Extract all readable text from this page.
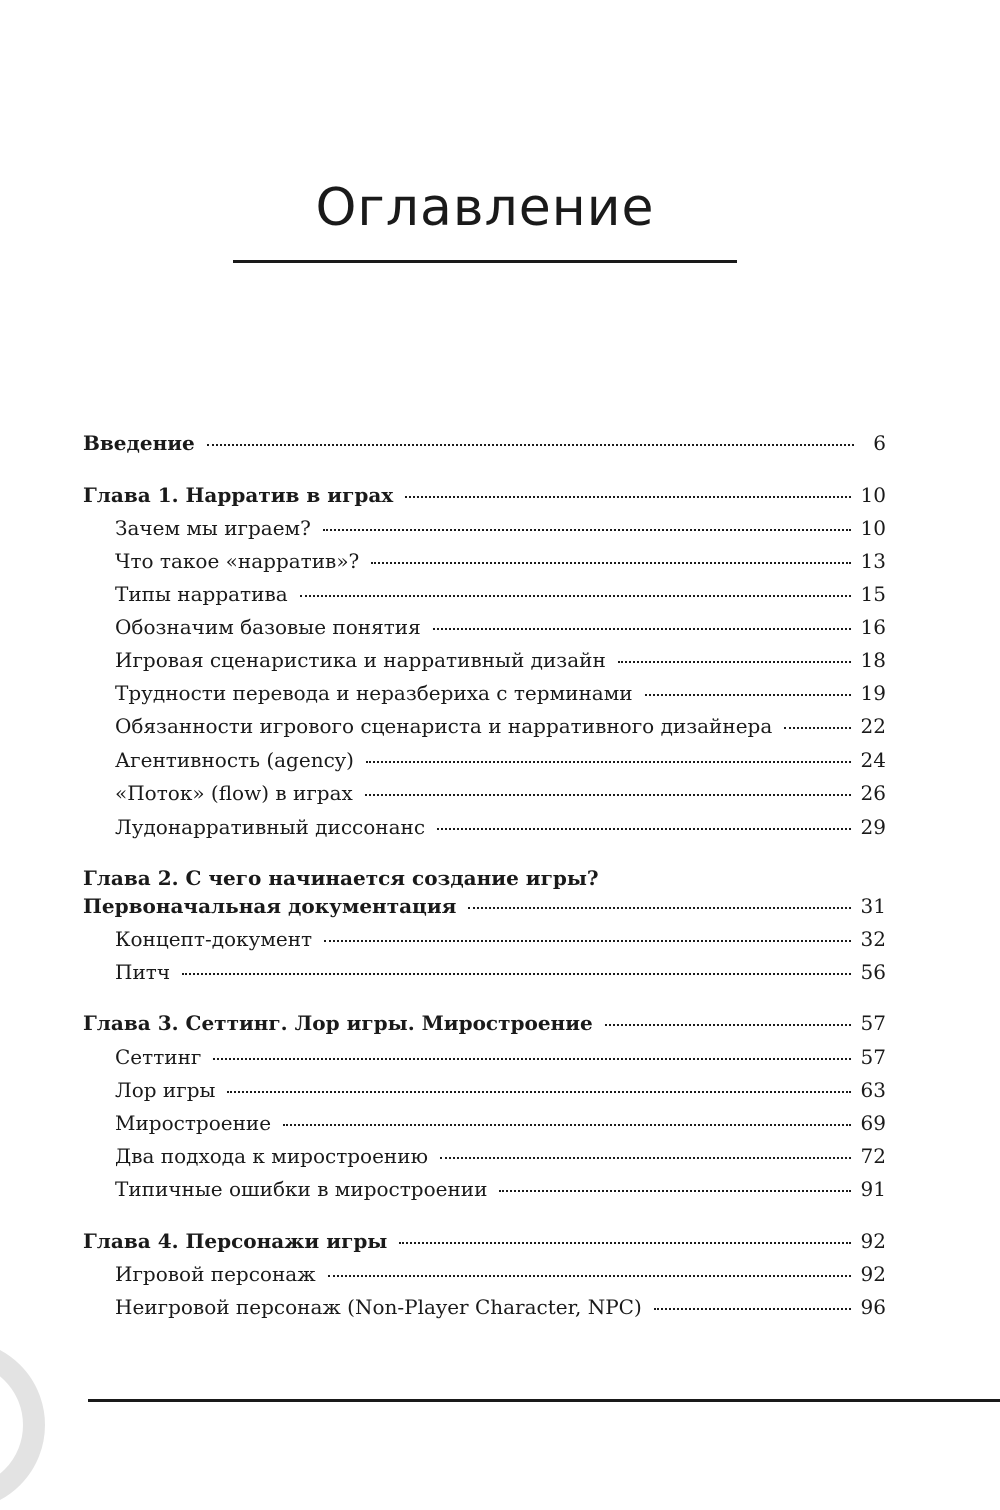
Оглавление
Введение	6
Глава 1. Нарратив в играх	10
Зачем мы играем?	10
Что такое «нарратив»?	13
Типы нарратива	15
Обозначим базовые понятия	16
Игровая сценаристика и нарративный дизайн	18
Трудности перевода и неразбериха с терминами	19
Обязанности игрового сценариста и нарративного дизайнера	22
Агентивность (agency)	24
«Поток» (flow) в играх	26
Лудонарративный диссонанс	29
Глава 2. С чего начинается создание игры?
Первоначальная документация	31
Концепт-документ	32
Питч	56
Глава 3. Сеттинг. Лор игры. Миростроение	57
Сеттинг	57
Лор игры	63
Миростроение	69
Два подхода к миростроению	72
Типичные ошибки в миростроении	91
Глава 4. Персонажи игры	92
Игровой персонаж	92
Неигровой персонаж (Non-Player Character, NPC)	96
